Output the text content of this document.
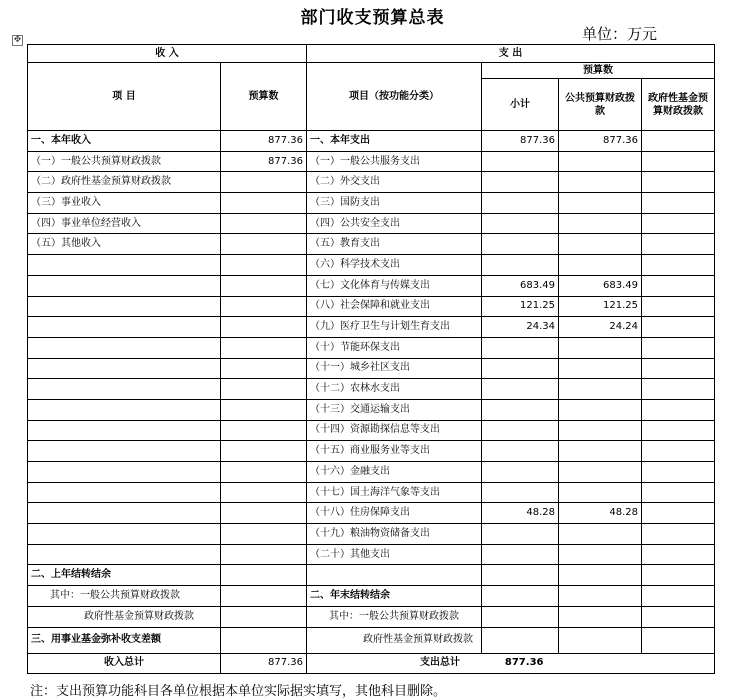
部门收支预算总表
单位：万元
✥
收 入		支 出			
项 目	预算数	项目（按功能分类）	预算数		
			小计	公共预算财政拨款	政府性基金预算财政拨款
一、本年收入	877.36	一、本年支出	877.36	877.36	
（一）一般公共预算财政拨款	877.36	（一）一般公共服务支出			
（二）政府性基金预算财政拨款		（二）外交支出			
（三）事业收入		（三）国防支出			
（四）事业单位经营收入		（四）公共安全支出			
（五）其他收入		（五）教育支出			
		（六）科学技术支出			
		（七）文化体育与传媒支出	683.49	683.49	
		（八）社会保障和就业支出	121.25	121.25	
		（九）医疗卫生与计划生育支出	24.34	24.24	
		（十）节能环保支出			
		（十一）城乡社区支出			
		（十二）农林水支出			
		（十三）交通运输支出			
		（十四）资源勘探信息等支出			
		（十五）商业服务业等支出			
		（十六）金融支出			
		（十七）国土海洋气象等支出			
		（十八）住房保障支出	48.28	48.28	
		（十九）粮油物资储备支出			
		（二十）其他支出			
二、上年结转结余					
其中：一般公共预算财政拨款		二、年末结转结余			
政府性基金预算财政拨款		其中：一般公共预算财政拨款			
三、用事业基金弥补收支差额		政府性基金预算财政拨款			
收入总计	877.36	支出总计 877.36			
注：支出预算功能科目各单位根据本单位实际据实填写，其他科目删除。
